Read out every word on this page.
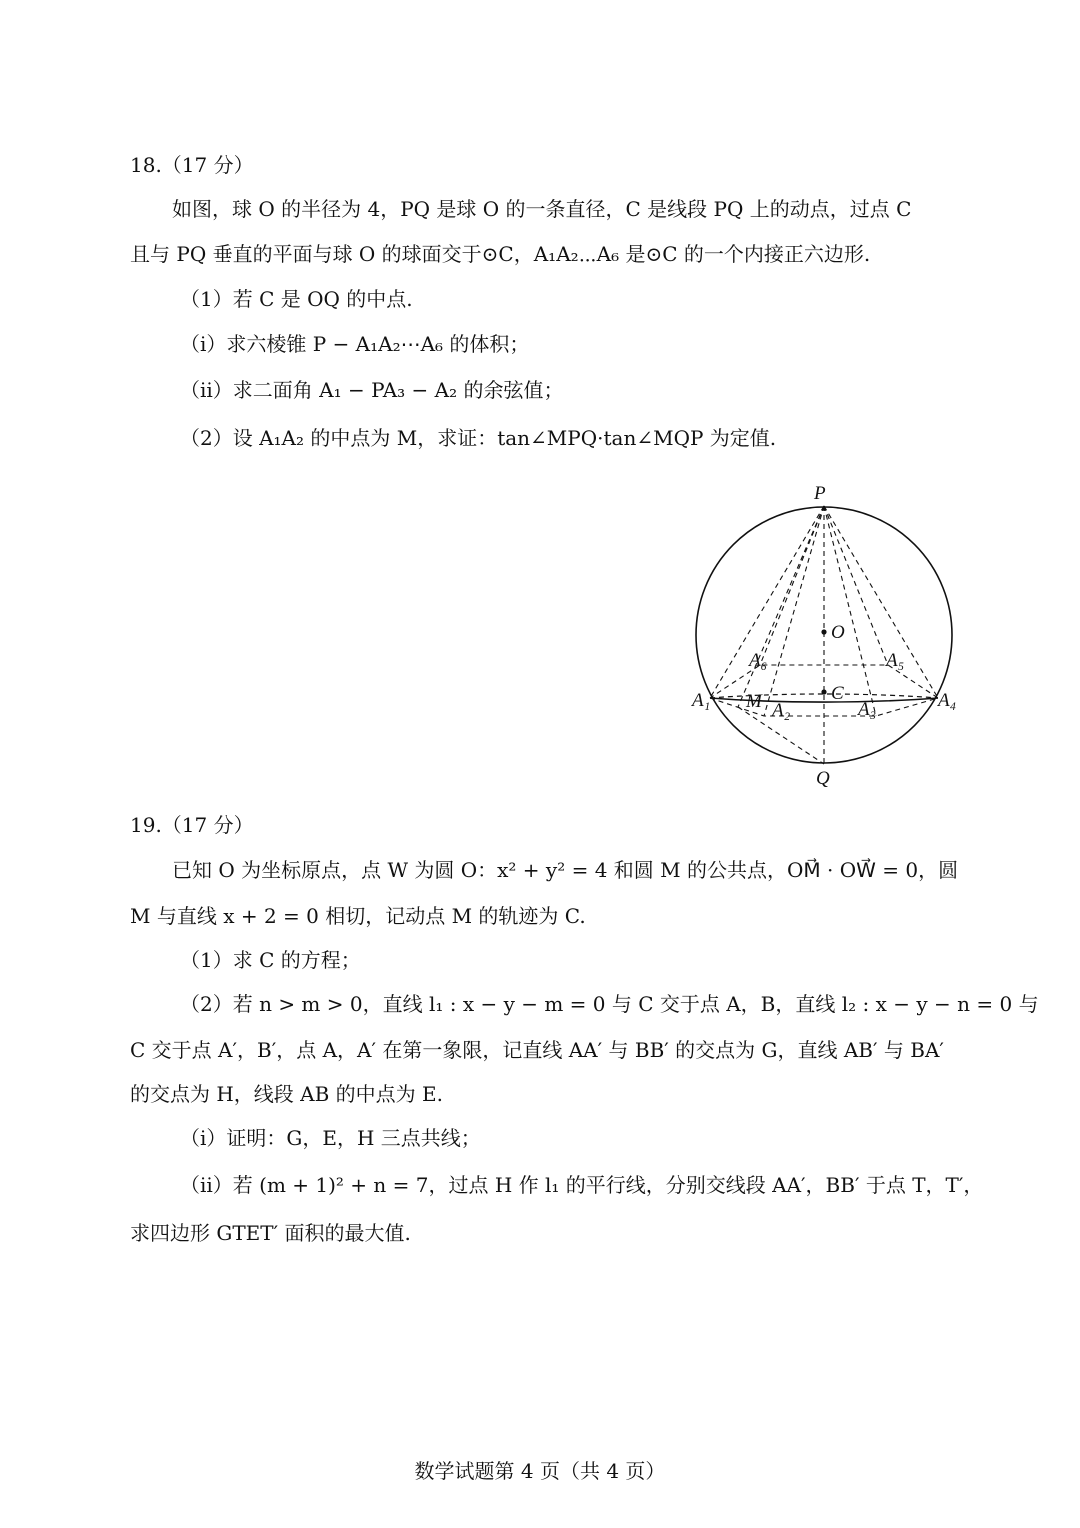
18.（17 分）
如图，球 O 的半径为 4，PQ 是球 O 的一条直径，C 是线段 PQ 上的动点，过点 C
且与 PQ 垂直的平面与球 O 的球面交于⊙C，A₁A₂⋯A₆ 是⊙C 的一个内接正六边形.
（1）若 C 是 OQ 的中点.
（ⅰ）求六棱锥 P − A₁A₂⋯A₆ 的体积；
（ⅱ）求二面角 A₁ − PA₃ − A₂ 的余弦值；
（2）设 A₁A₂ 的中点为 M，求证：tan∠MPQ·tan∠MQP 为定值.
P
Q
O
C
M
A₁	A₂	A₃	A₄
A₅
A₆
19.（17 分）
已知 O 为坐标原点，点 W 为圆 O：x² + y² = 4 和圆 M 的公共点，OM⃗ · OW⃗ = 0，圆
M 与直线 x + 2 = 0 相切，记动点 M 的轨迹为 C.
（1）求 C 的方程；
（2）若 n > m > 0，直线 l₁ : x − y − m = 0 与 C 交于点 A，B，直线 l₂ : x − y − n = 0 与
C 交于点 A′，B′，点 A，A′ 在第一象限，记直线 AA′ 与 BB′ 的交点为 G，直线 AB′ 与 BA′
的交点为 H，线段 AB 的中点为 E.
（ⅰ）证明：G，E，H 三点共线；
（ⅱ）若 (m + 1)² + n = 7，过点 H 作 l₁ 的平行线，分别交线段 AA′，BB′ 于点 T，T′，
求四边形 GTET′ 面积的最大值.
数学试题第 4 页（共 4 页）
